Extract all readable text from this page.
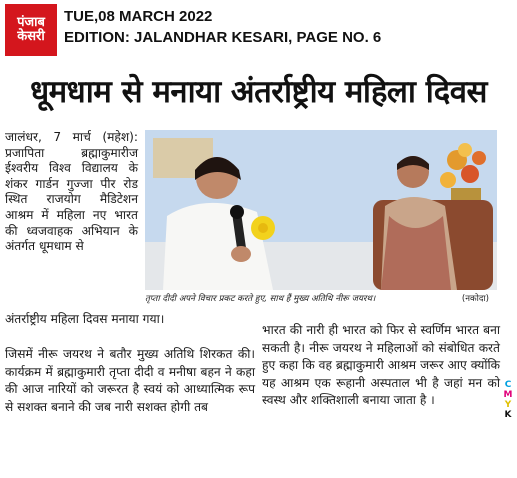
पंजाब
केसरी
TUE,08 MARCH 2022
EDITION: JALANDHAR KESARI, PAGE NO. 6
धूमधाम से मनाया अंतर्राष्ट्रीय महिला दिवस
जालंधर, 7 मार्च (महेश): प्रजापिता ब्रह्माकुमारीज ईश्वरीय विश्व विद्यालय के शंकर गार्डन गुज्जा पीर रोड स्थित राजयोग मैडिटेशन आश्रम में महिला नए भारत की ध्वजवाहक अभियान के अंतर्गत धूमधाम से
तृप्ता दीदी अपने विचार प्रकट करते हुए, साथ हैं मुख्य अतिथि नीरू जयरथ।	(नकोदा)
अंतर्राष्ट्रीय महिला दिवस मनाया गया।
जिसमें नीरू जयरथ ने बतौर मुख्य अतिथि शिरकत की। कार्यक्रम में ब्रह्माकुमारी तृप्ता दीदी व मनीषा बहन ने कहा की आज नारियों को जरूरत है स्वयं को आध्यात्मिक रूप से सशक्त बनाने की जब नारी सशक्त होगी तब
भारत की नारी ही भारत को फिर से स्वर्णिम भारत बना सकती है। नीरू जयरथ ने महिलाओं को संबोधित करते हुए कहा कि वह ब्रह्माकुमारी आश्रम जरूर आए क्योंकि यह आश्रम एक रूहानी अस्पताल भी है जहां मन को स्वस्थ और शक्तिशाली बनाया जाता है ।
C
M
Y
K
